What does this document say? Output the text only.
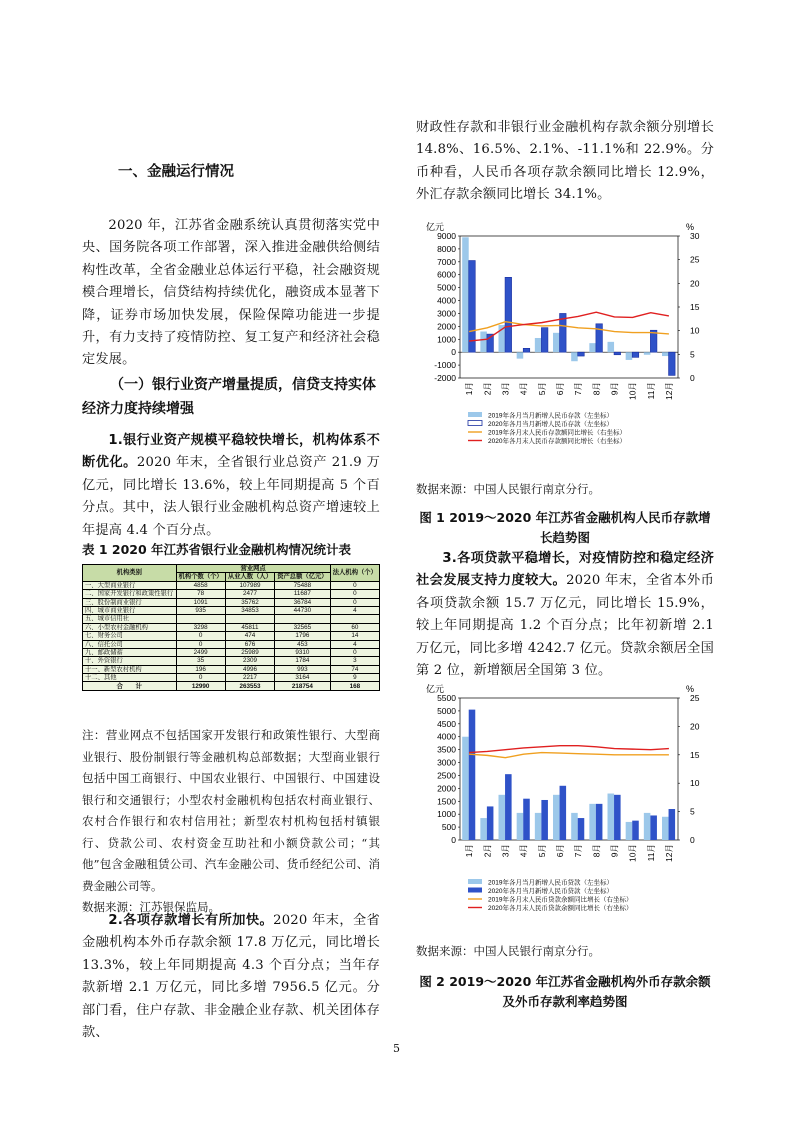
一、金融运行情况

2020 年，江苏省金融系统认真贯彻落实党中央、国务院各项工作部署，深入推进金融供给侧结构性改革，全省金融业总体运行平稳，社会融资规模合理增长，信贷结构持续优化，融资成本显著下降，证券市场加快发展，保险保障功能进一步提升，有力支持了疫情防控、复工复产和经济社会稳定发展。

（一）银行业资产增量提质，信贷支持实体经济力度持续增强

1.银行业资产规模平稳较快增长，机构体系不断优化。2020 年末，全省银行业总资产 21.9 万亿元，同比增长 13.6%，较上年同期提高 5 个百分点。其中，法人银行业金融机构总资产增速较上年提高 4.4 个百分点。

表 1 2020 年江苏省银行业金融机构情况统计表

机构类别	营业网点			法人机构（个）
	机构个数（个）	从业人数（人）	资产总额（亿元）	
一、大型商业银行	4858	107989	75488	0
二、国家开发银行和政策性银行	78	2477	11687	0
三、股份制商业银行	1091	35762	36784	0
四、城市商业银行	935	34853	44730	4
五、城市信用社				
六、小型农村金融机构	3298	45811	32565	60
七、财务公司	0	474	1796	14
八、信托公司	0	676	453	4
九、邮政储蓄	2499	25989	9310	0
十、外资银行	35	2309	1784	3
十一、新型农村机构	196	4996	993	74
十二、其他	0	2217	3164	9
合　　计	12990	263553	218754	168

注：营业网点不包括国家开发银行和政策性银行、大型商业银行、股份制银行等金融机构总部数据；大型商业银行包括中国工商银行、中国农业银行、中国银行、中国建设银行和交通银行；小型农村金融机构包括农村商业银行、农村合作银行和农村信用社；新型农村机构包括村镇银行、贷款公司、农村资金互助社和小额贷款公司；“其他”包含金融租赁公司、汽车金融公司、货币经纪公司、消费金融公司等。

数据来源：江苏银保监局。

2.各项存款增长有所加快。2020 年末，全省金融机构本外币存款余额 17.8 万亿元，同比增长 13.3%，较上年同期提高 4.3 个百分点；当年存款新增 2.1 万亿元，同比多增 7956.5 亿元。分部门看，住户存款、非金融企业存款、机关团体存款、

财政性存款和非银行业金融机构存款余额分别增长 14.8%、16.5%、2.1%、-11.1%和 22.9%。分币种看，人民币各项存款余额同比增长 12.9%，外汇存款余额同比增长 34.1%。

亿元	%
-2000
-1000
0
1000
2000
3000
4000
5000
6000
7000
8000
9000
0
5
10
15
20
25
30
1月 2月 3月 4月 5月 6月 7月 8月 9月 10月 11月 12月
2019年各月当月新增人民币存款（左坐标）
2020年各月当月新增人民币存款（左坐标）
2019年各月末人民币存款额同比增长（右坐标）
2020年各月末人民币存款额同比增长（右坐标）

数据来源：中国人民银行南京分行。

图 1 2019～2020 年江苏省金融机构人民币存款增长趋势图

3.各项贷款平稳增长，对疫情防控和稳定经济社会发展支持力度较大。2020 年末，全省本外币各项贷款余额 15.7 万亿元，同比增长 15.9%，较上年同期提高 1.2 个百分点；比年初新增 2.1 万亿元，同比多增 4242.7 亿元。贷款余额居全国第 2 位，新增额居全国第 3 位。

亿元	%
0
500
1000
1500
2000
2500
3000
3500
4000
4500
5000
5500
0
5
10
15
20
25
1月 2月 3月 4月 5月 6月 7月 8月 9月 10月 11月 12月
2019年各月当月新增人民币贷款（左坐标）
2020年各月当月新增人民币贷款（左坐标）
2019年各月末人民币贷款余额同比增长（右坐标）
2020年各月末人民币贷款余额同比增长（右坐标）

数据来源：中国人民银行南京分行。

图 2 2019～2020 年江苏省金融机构外币存款余额及外币存款利率趋势图

5
